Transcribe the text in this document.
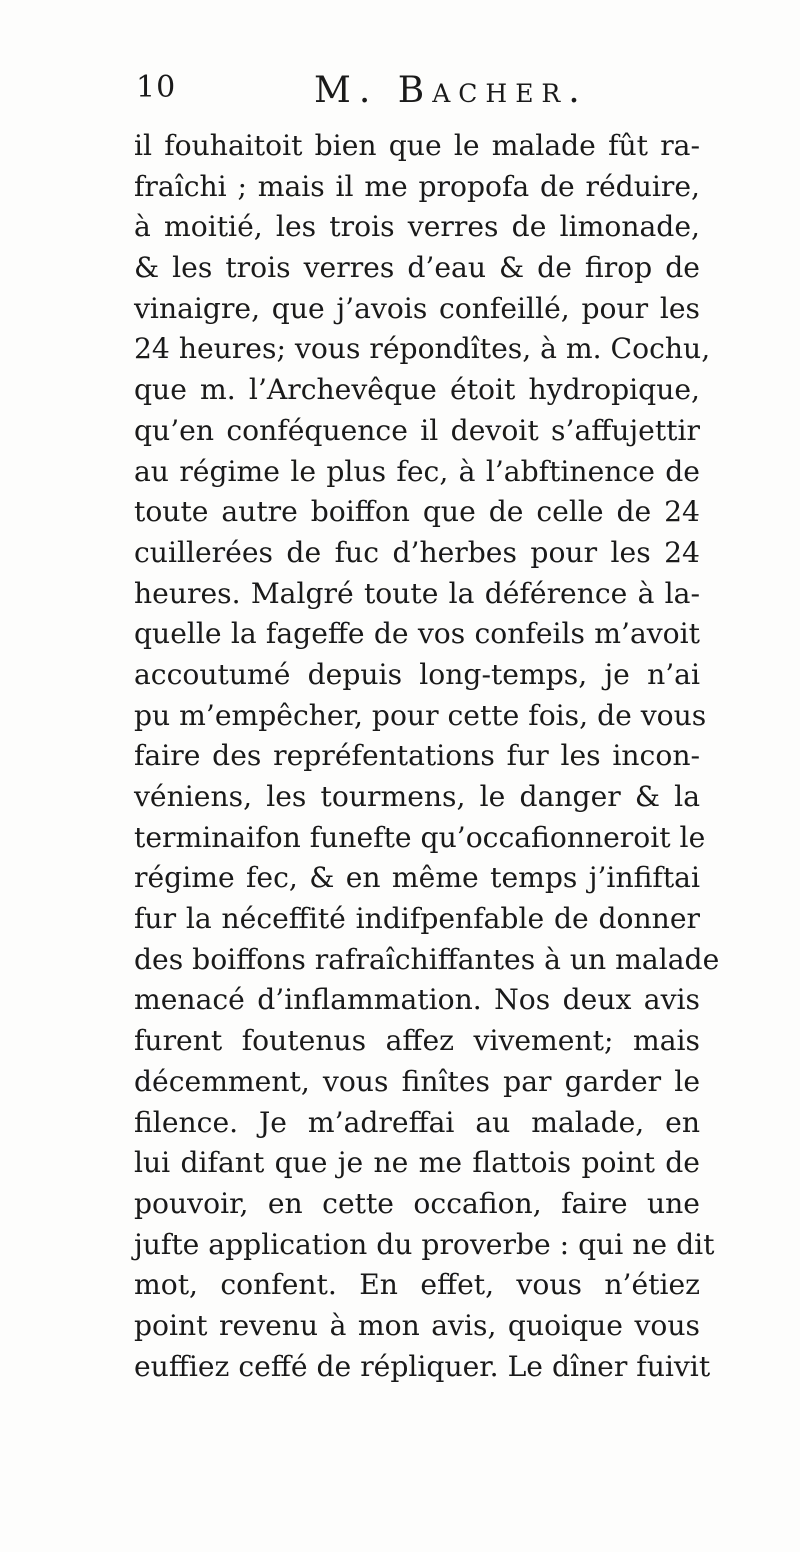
10	M. Bacher.
il fouhaitoit bien que le malade fût ra-
fraîchi ; mais il me propofa de réduire,
à moitié, les trois verres de limonade,
& les trois verres d’eau & de firop de
vinaigre, que j’avois confeillé, pour les
24 heures; vous répondîtes, à m. Cochu,
que m. l’Archevêque étoit hydropique,
qu’en conféquence il devoit s’affujettir
au régime le plus fec, à l’abftinence de
toute autre boiffon que de celle de 24
cuillerées de fuc d’herbes pour les 24
heures. Malgré toute la déférence à la-
quelle la fageffe de vos confeils m’avoit
accoutumé depuis long-temps, je n’ai
pu m’empêcher, pour cette fois, de vous
faire des repréfentations fur les incon-
véniens, les tourmens, le danger & la
terminaifon funefte qu’occafionneroit le
régime fec, & en même temps j’infiftai
fur la néceffité indifpenfable de donner
des boiffons rafraîchiffantes à un malade
menacé d’inflammation. Nos deux avis
furent foutenus affez vivement; mais
décemment, vous finîtes par garder le
filence. Je m’adreffai au malade, en
lui difant que je ne me flattois point de
pouvoir, en cette occafion, faire une
jufte application du proverbe : qui ne dit
mot, confent. En effet, vous n’étiez
point revenu à mon avis, quoique vous
euffiez ceffé de répliquer. Le dîner fuivit
